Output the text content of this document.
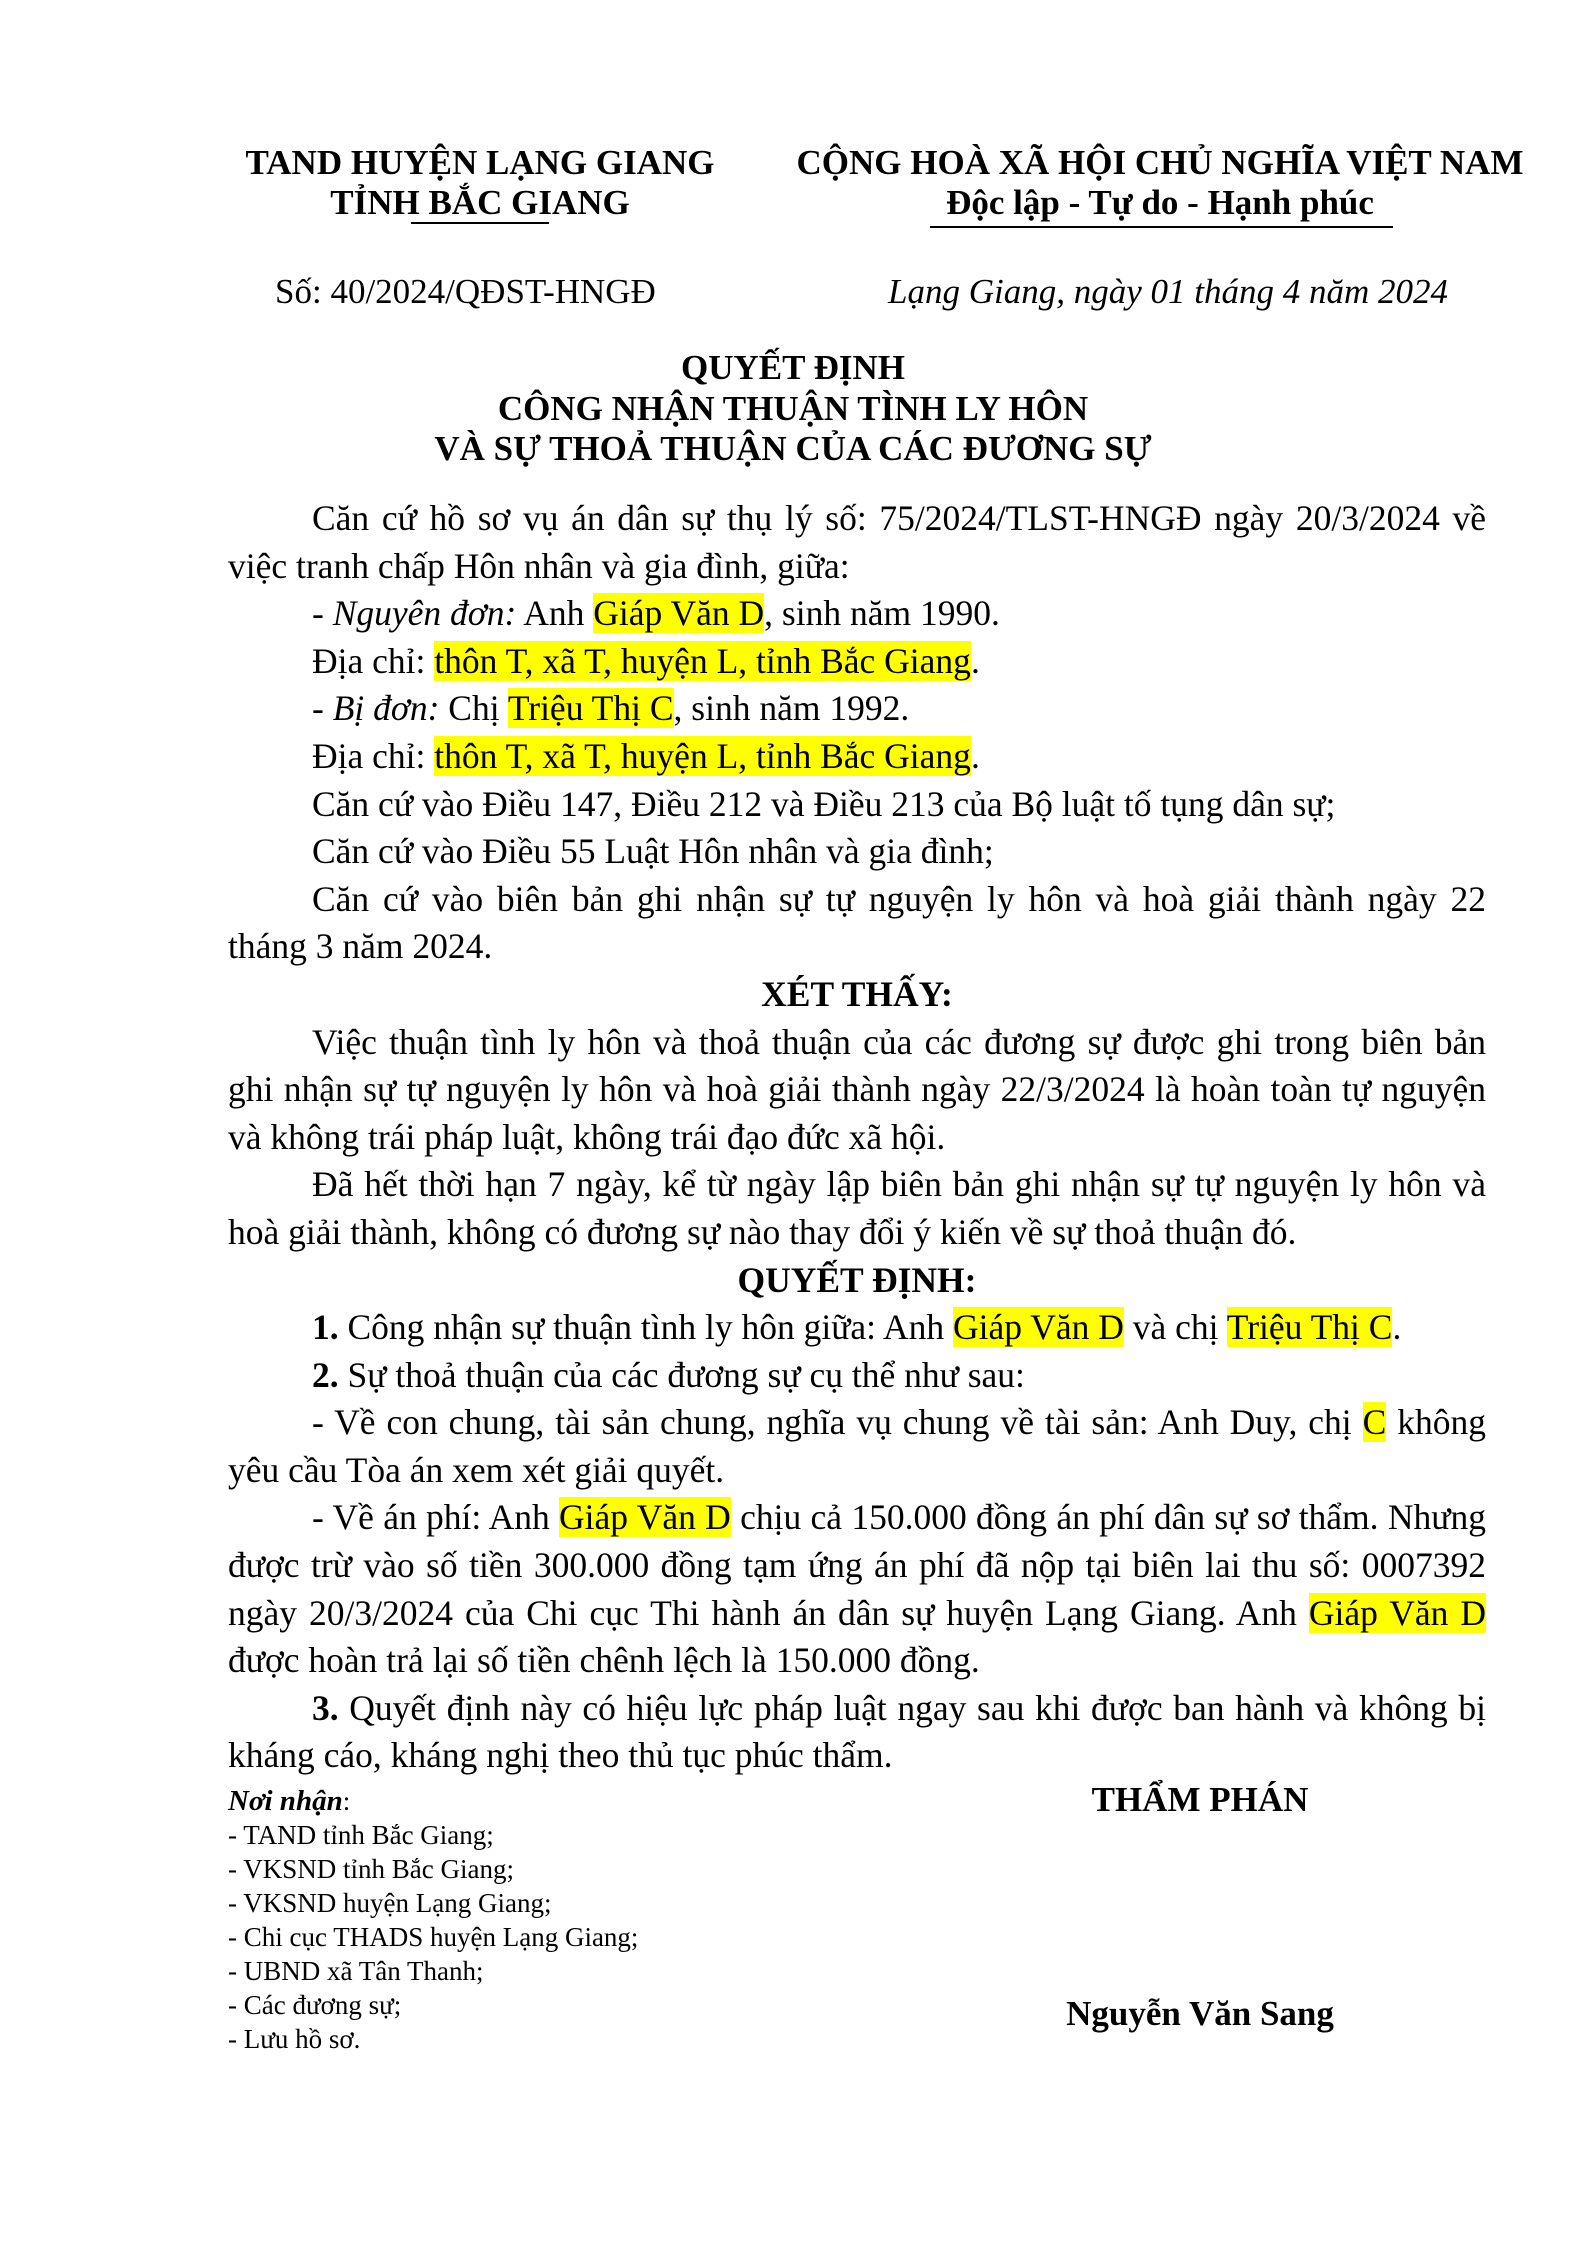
TAND HUYỆN LẠNG GIANG
TỈNH BẮC GIANG
CỘNG HOÀ XÃ HỘI CHỦ NGHĨA VIỆT NAM
Độc lập - Tự do - Hạnh phúc
Số: 40/2024/QĐST-HNGĐ	Lạng Giang, ngày 01 tháng 4 năm 2024
QUYẾT ĐỊNH
CÔNG NHẬN THUẬN TÌNH LY HÔN
VÀ SỰ THOẢ THUẬN CỦA CÁC ĐƯƠNG SỰ

Căn cứ hồ sơ vụ án dân sự thụ lý số: 75/2024/TLST-HNGĐ ngày 20/3/2024 về việc tranh chấp Hôn nhân và gia đình, giữa:

- Nguyên đơn: Anh Giáp Văn D, sinh năm 1990.

Địa chỉ: thôn T, xã T, huyện L, tỉnh Bắc Giang.

- Bị đơn: Chị Triệu Thị C, sinh năm 1992.

Địa chỉ: thôn T, xã T, huyện L, tỉnh Bắc Giang.

Căn cứ vào Điều 147, Điều 212 và Điều 213 của Bộ luật tố tụng dân sự;

Căn cứ vào Điều 55 Luật Hôn nhân và gia đình;

Căn cứ vào biên bản ghi nhận sự tự nguyện ly hôn và hoà giải thành ngày 22 tháng 3 năm 2024.

XÉT THẤY:

Việc thuận tình ly hôn và thoả thuận của các đương sự được ghi trong biên bản ghi nhận sự tự nguyện ly hôn và hoà giải thành ngày 22/3/2024 là hoàn toàn tự nguyện và không trái pháp luật, không trái đạo đức xã hội.

Đã hết thời hạn 7 ngày, kể từ ngày lập biên bản ghi nhận sự tự nguyện ly hôn và hoà giải thành, không có đương sự nào thay đổi ý kiến về sự thoả thuận đó.

QUYẾT ĐỊNH:

1. Công nhận sự thuận tình ly hôn giữa: Anh Giáp Văn D và chị Triệu Thị C.

2. Sự thoả thuận của các đương sự cụ thể như sau:

- Về con chung, tài sản chung, nghĩa vụ chung về tài sản: Anh Duy, chị C không yêu cầu Tòa án xem xét giải quyết.

- Về án phí: Anh Giáp Văn D chịu cả 150.000 đồng án phí dân sự sơ thẩm. Nhưng được trừ vào số tiền 300.000 đồng tạm ứng án phí đã nộp tại biên lai thu số: 0007392 ngày 20/3/2024 của Chi cục Thi hành án dân sự huyện Lạng Giang. Anh Giáp Văn D được hoàn trả lại số tiền chênh lệch là 150.000 đồng.

3. Quyết định này có hiệu lực pháp luật ngay sau khi được ban hành và không bị kháng cáo, kháng nghị theo thủ tục phúc thẩm.

Nơi nhận:
- TAND tỉnh Bắc Giang;
- VKSND tỉnh Bắc Giang;
- VKSND huyện Lạng Giang;
- Chi cục THADS huyện Lạng Giang;
- UBND xã Tân Thanh;
- Các đương sự;
- Lưu hồ sơ.
THẨM PHÁN
Nguyễn Văn Sang
